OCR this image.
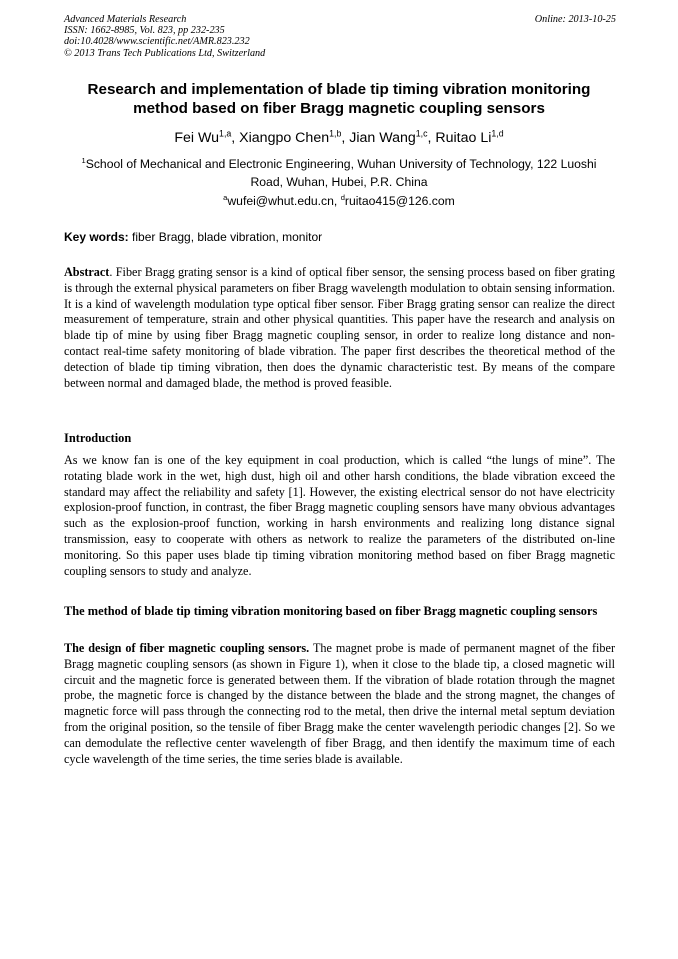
Advanced Materials Research
ISSN: 1662-8985, Vol. 823, pp 232-235
doi:10.4028/www.scientific.net/AMR.823.232
© 2013 Trans Tech Publications Ltd, Switzerland
Online: 2013-10-25
Research and implementation of blade tip timing vibration monitoring method based on fiber Bragg magnetic coupling sensors
Fei Wu$^{1,a}$, Xiangpo Chen$^{1,b}$, Jian Wang$^{1,c}$, Ruitao Li$^{1,d}$
$^1$School of Mechanical and Electronic Engineering, Wuhan University of Technology, 122 Luoshi Road, Wuhan, Hubei, P.R. China
$^a$wufei@whut.edu.cn, $^d$ruitao415@126.com
Key words: fiber Bragg, blade vibration, monitor
Abstract. Fiber Bragg grating sensor is a kind of optical fiber sensor, the sensing process based on fiber grating is through the external physical parameters on fiber Bragg wavelength modulation to obtain sensing information. It is a kind of wavelength modulation type optical fiber sensor. Fiber Bragg grating sensor can realize the direct measurement of temperature, strain and other physical quantities. This paper have the research and analysis on blade tip of mine by using fiber Bragg magnetic coupling sensor, in order to realize long distance and non-contact real-time safety monitoring of blade vibration. The paper first describes the theoretical method of the detection of blade tip timing vibration, then does the dynamic characteristic test. By means of the compare between normal and damaged blade, the method is proved feasible.
Introduction
As we know fan is one of the key equipment in coal production, which is called “the lungs of mine”. The rotating blade work in the wet, high dust, high oil and other harsh conditions, the blade vibration exceed the standard may affect the reliability and safety [1]. However, the existing electrical sensor do not have electricity explosion-proof function, in contrast, the fiber Bragg magnetic coupling sensors have many obvious advantages such as the explosion-proof function, working in harsh environments and realizing long distance signal transmission, easy to cooperate with others as network to realize the parameters of the distributed on-line monitoring. So this paper uses blade tip timing vibration monitoring method based on fiber Bragg magnetic coupling sensors to study and analyze.
The method of blade tip timing vibration monitoring based on fiber Bragg magnetic coupling sensors
The design of fiber magnetic coupling sensors. The magnet probe is made of permanent magnet of the fiber Bragg magnetic coupling sensors (as shown in Figure 1), when it close to the blade tip, a closed magnetic will circuit and the magnetic force is generated between them. If the vibration of blade rotation through the magnet probe, the magnetic force is changed by the distance between the blade and the strong magnet, the changes of magnetic force will pass through the connecting rod to the metal, then drive the internal metal septum deviation from the original position, so the tensile of fiber Bragg make the center wavelength periodic changes [2]. So we can demodulate the reflective center wavelength of fiber Bragg, and then identify the maximum time of each cycle wavelength of the time series, the time series blade is available.
